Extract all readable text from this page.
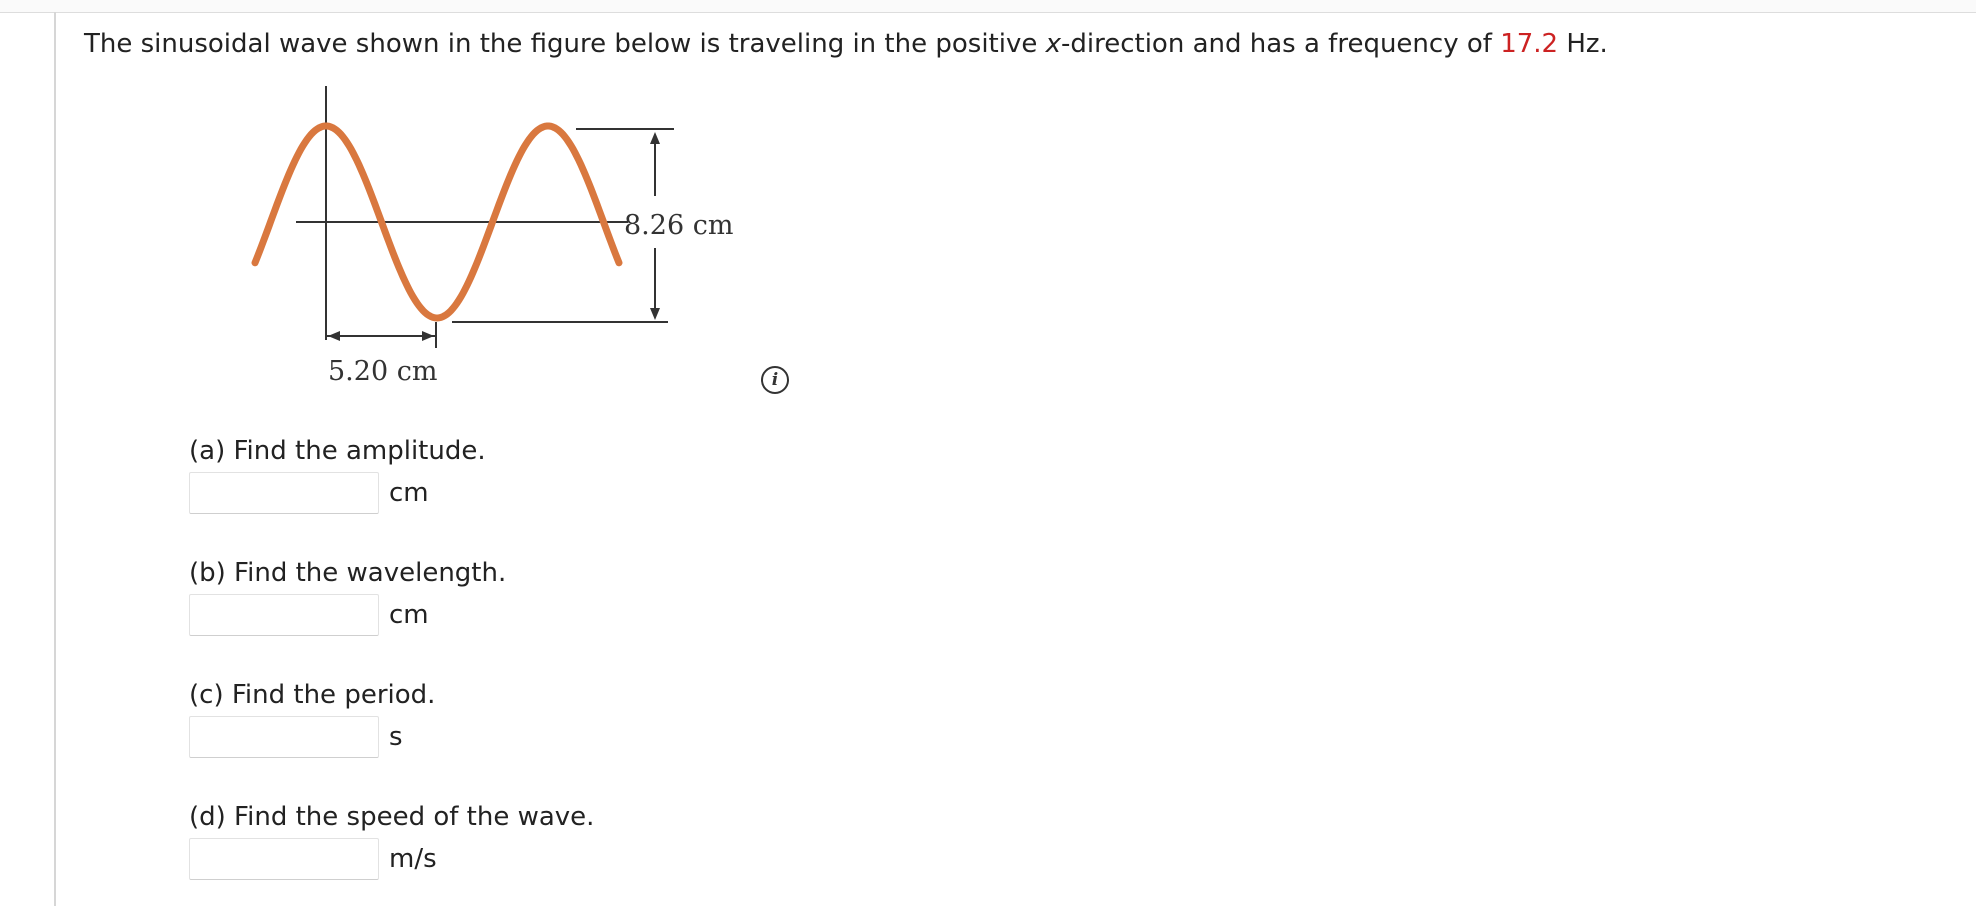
The sinusoidal wave shown in the figure below is traveling in the positive x-direction and has a frequency of 17.2 Hz.
8.26 cm
5.20 cm	i
(a) Find the amplitude.
cm
(b) Find the wavelength.
cm
(c) Find the period.
s
(d) Find the speed of the wave.
m/s
